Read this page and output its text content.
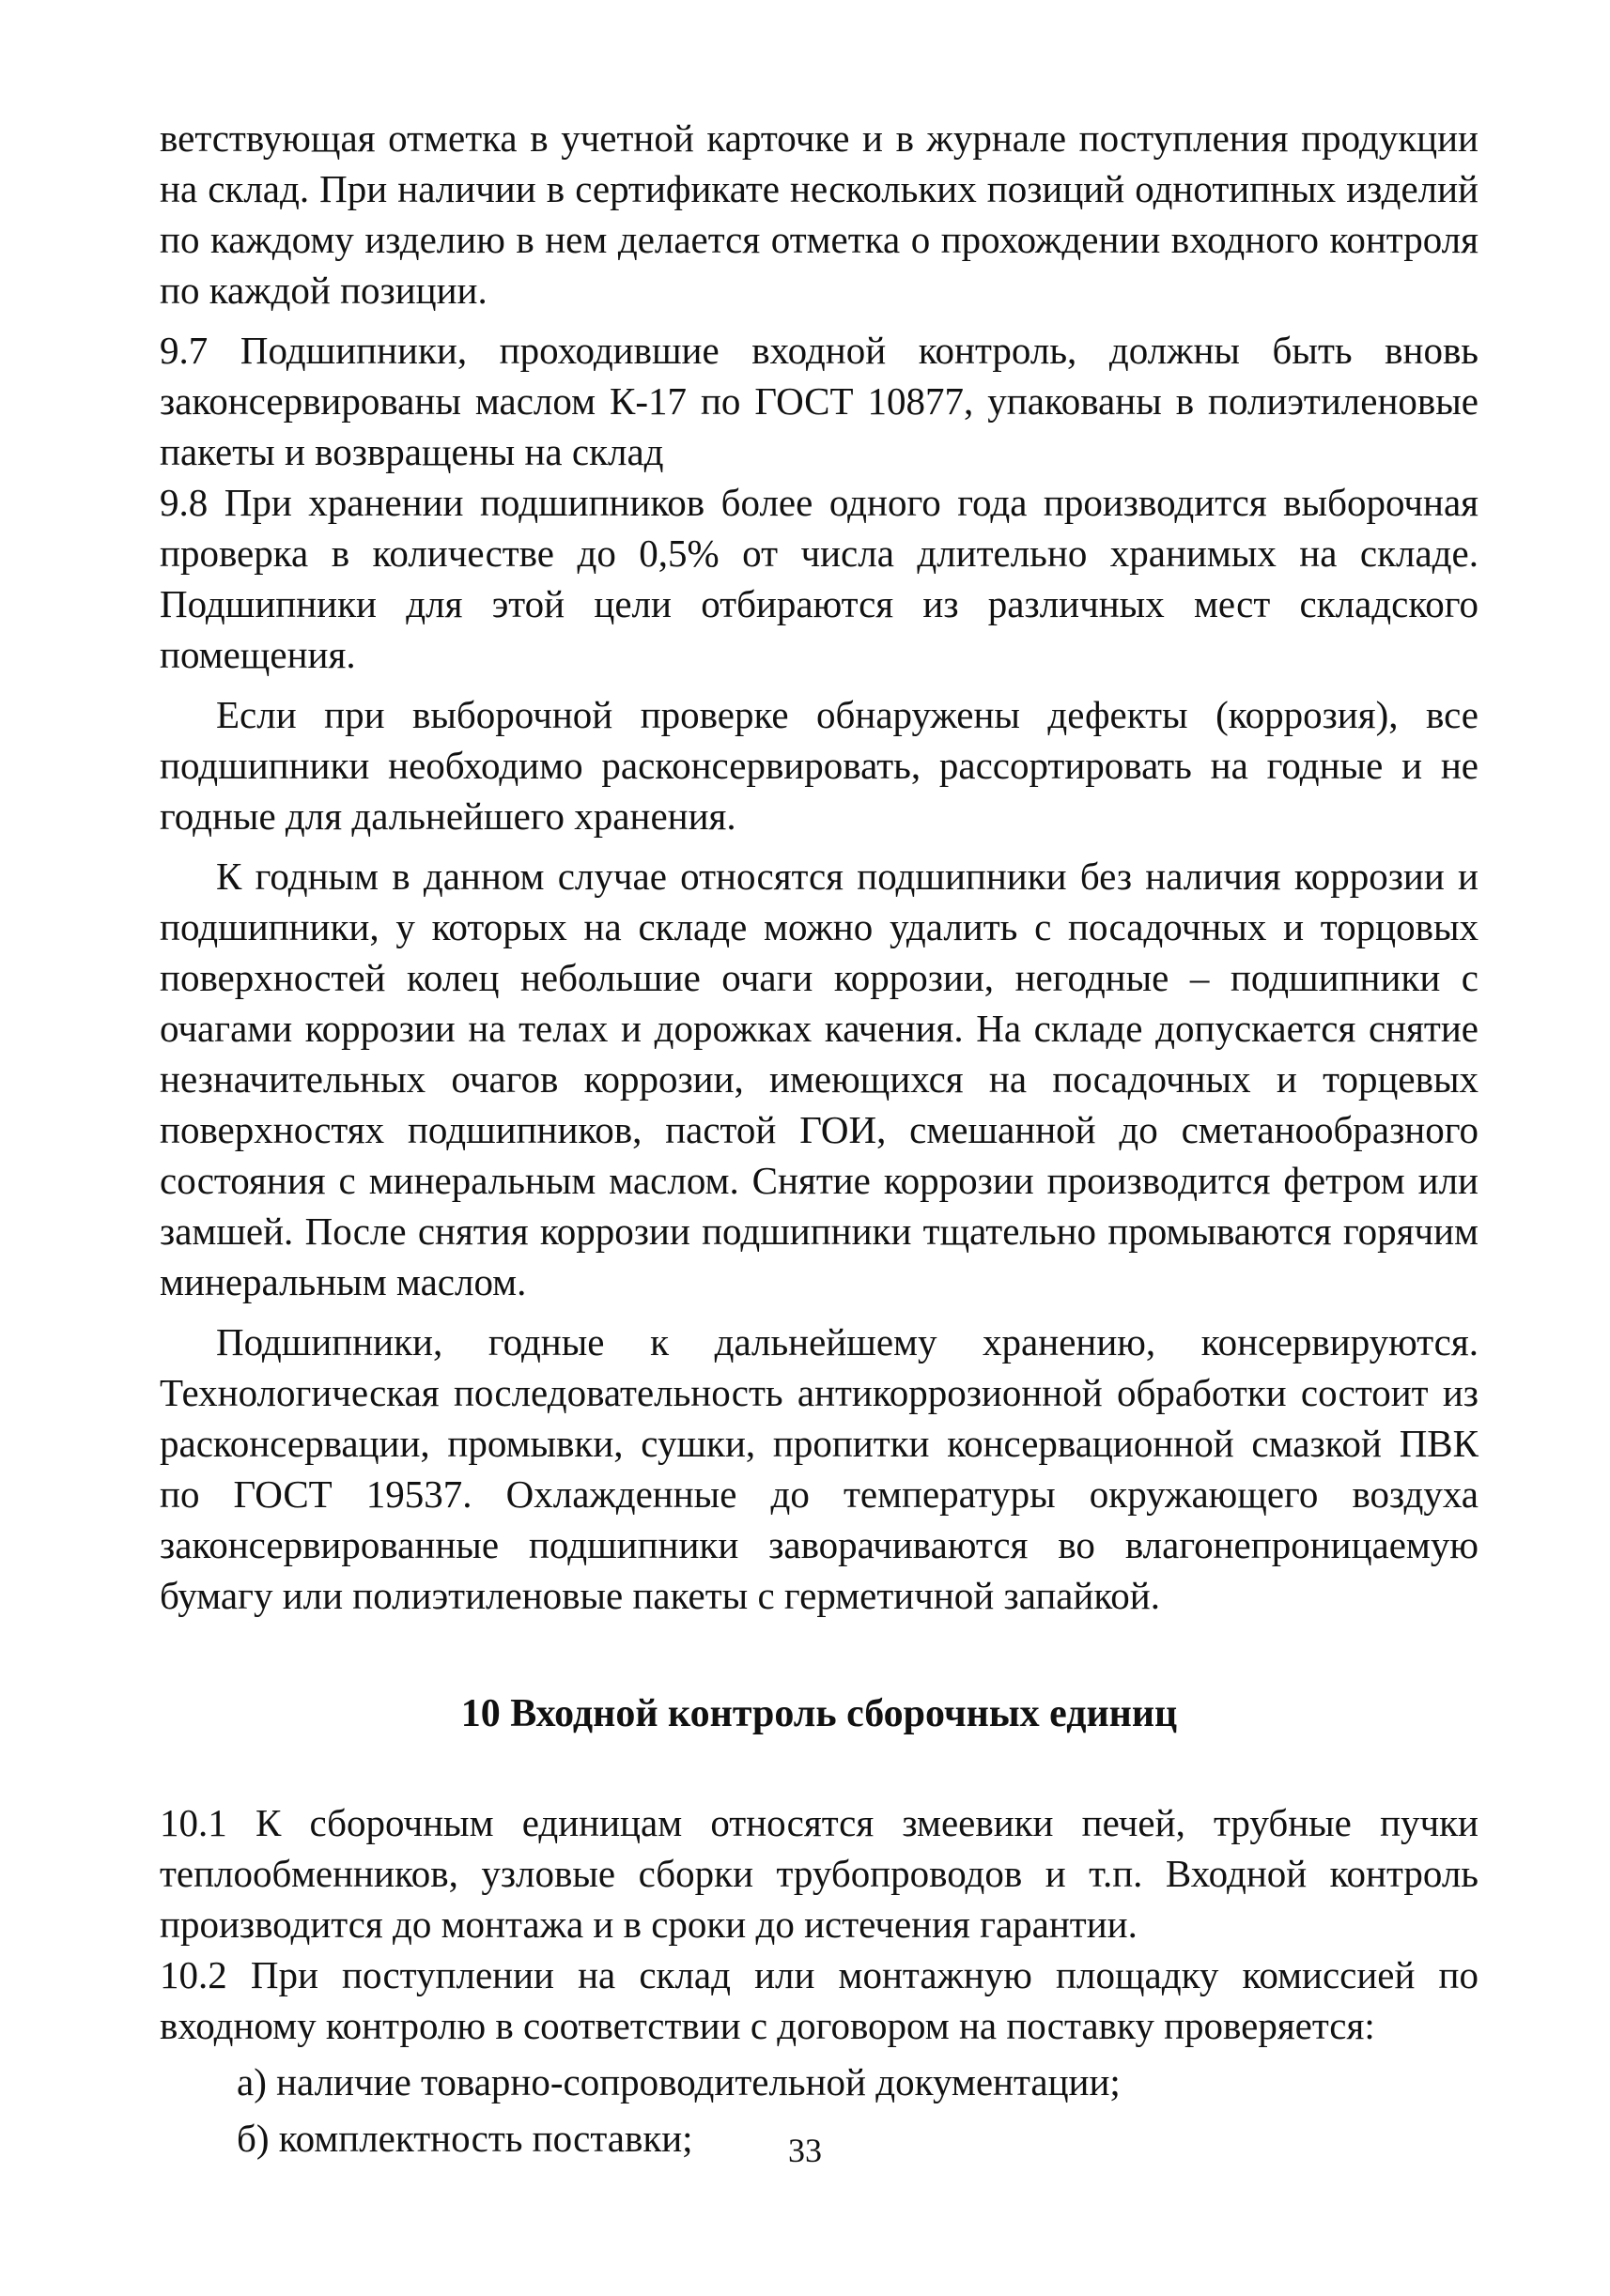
ветствующая отметка в учетной карточке и в журнале поступления продукции на склад. При наличии в сертификате нескольких позиций однотипных изделий по каждому изделию в нем делается отметка о прохождении входного контроля по каждой позиции.

9.7 Подшипники, проходившие входной контроль, должны быть вновь законсервированы маслом К-17 по ГОСТ 10877, упакованы в полиэтиленовые пакеты и возвращены на склад

9.8 При хранении подшипников более одного года производится выборочная проверка в количестве до 0,5% от числа длительно хранимых на складе. Подшипники для этой цели отбираются из различных мест складского помещения.

Если при выборочной проверке обнаружены дефекты (коррозия), все подшипники необходимо расконсервировать, рассортировать на годные и не годные для дальнейшего хранения.

К годным в данном случае относятся подшипники без наличия коррозии и подшипники, у которых на складе можно удалить с посадочных и торцовых поверхностей колец небольшие очаги коррозии, негодные – подшипники с очагами коррозии на телах и дорожках качения. На складе допускается снятие незначительных очагов коррозии, имеющихся на посадочных и торцевых поверхностях подшипников, пастой ГОИ, смешанной до сметанообразного состояния с минеральным маслом. Снятие коррозии производится фетром или замшей. После снятия коррозии подшипники тщательно промываются горячим минеральным маслом.

Подшипники, годные к дальнейшему хранению, консервируются. Технологическая последовательность антикоррозионной обработки состоит из расконсервации, промывки, сушки, пропитки консервационной смазкой ПВК по ГОСТ 19537. Охлажденные до температуры окружающего воздуха законсервированные подшипники заворачиваются во влагонепроницаемую бумагу или полиэтиленовые пакеты с герметичной запайкой.

10 Входной контроль сборочных единиц

10.1 К сборочным единицам относятся змеевики печей, трубные пучки теплообменников, узловые сборки трубопроводов и т.п. Входной контроль производится до монтажа и в сроки до истечения гарантии.

10.2 При поступлении на склад или монтажную площадку комиссией по входному контролю в соответствии с договором на поставку проверяется:

а) наличие товарно-сопроводительной документации;

б) комплектность поставки;	33
